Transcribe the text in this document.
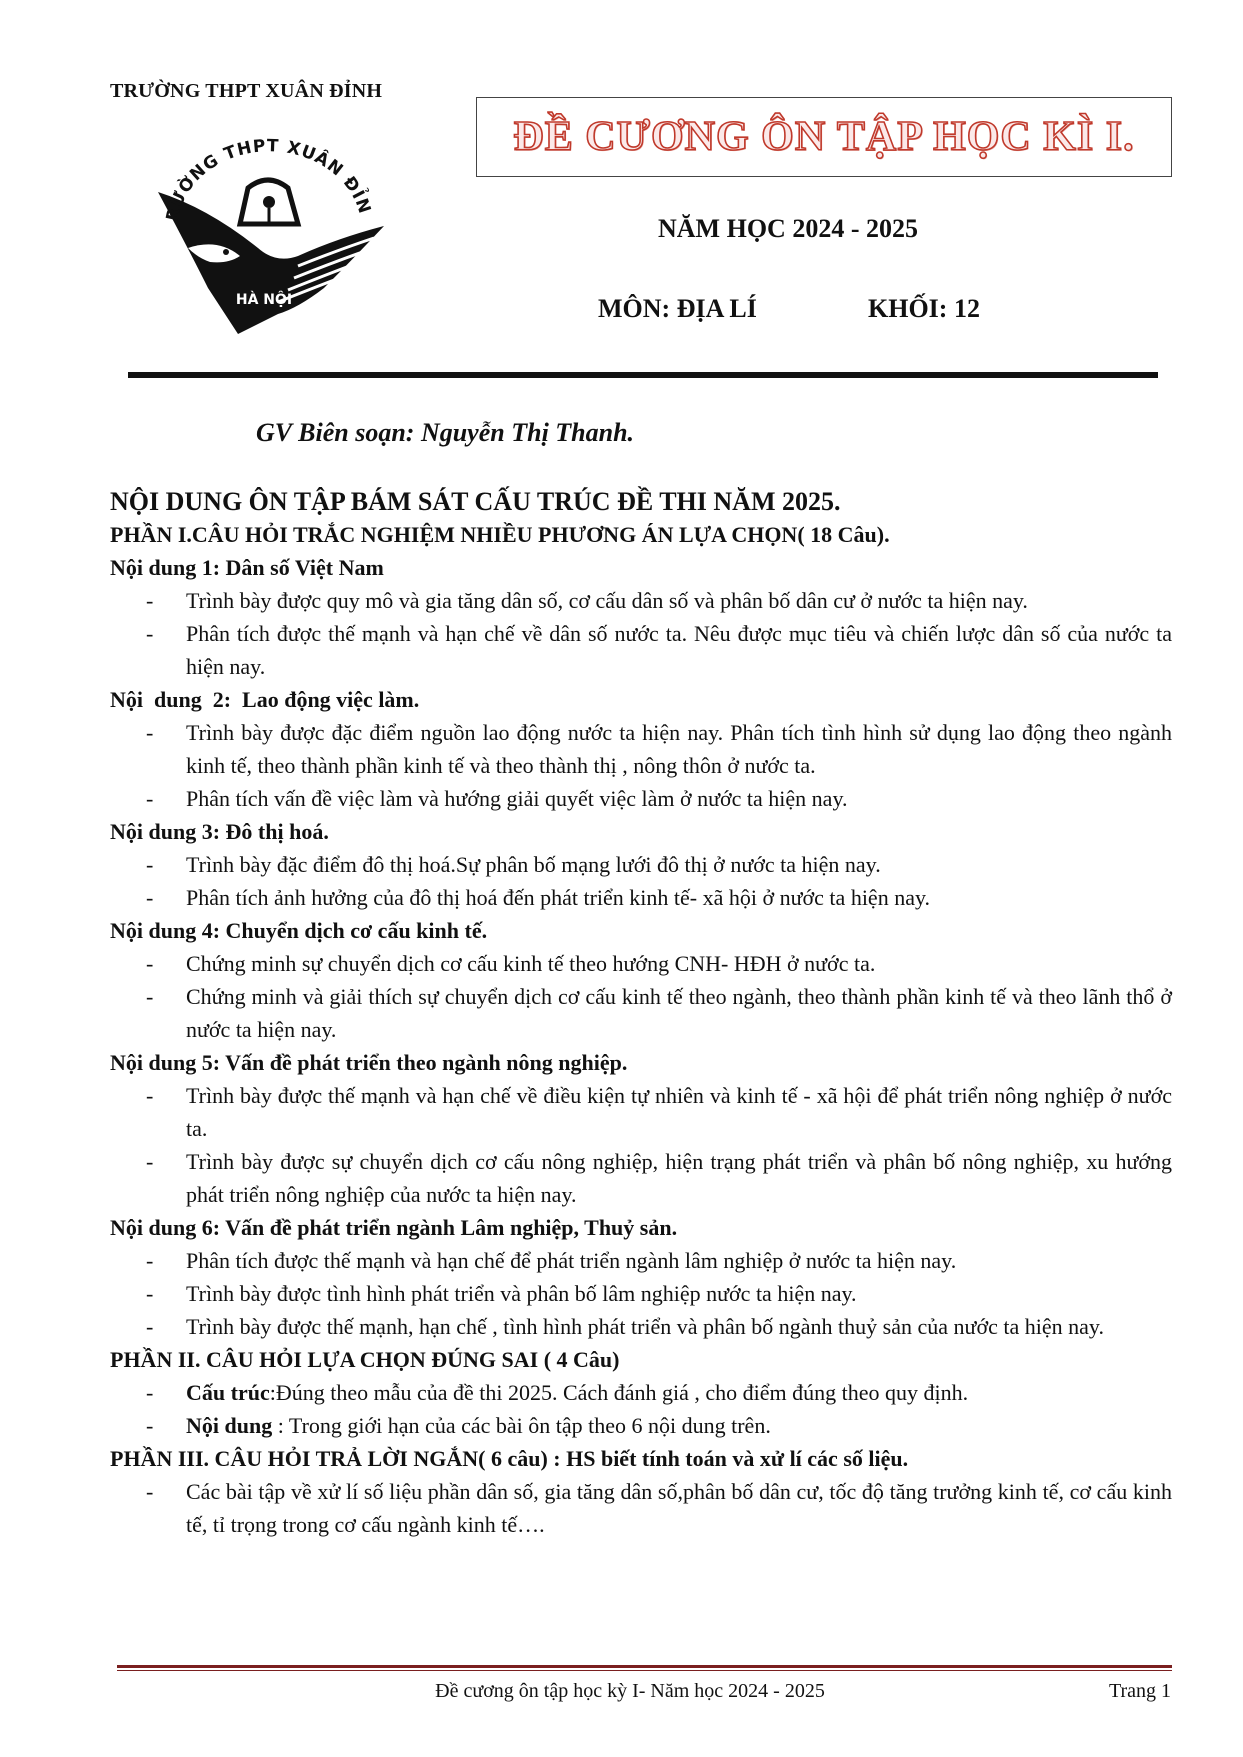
TRƯỜNG THPT XUÂN ĐỈNH
RƯỜNG THPT XUÂN ĐỈN
HÀ NỘI
ĐỀ CƯƠNG ÔN TẬP HỌC KÌ I.
NĂM HỌC 2024 - 2025
MÔN: ĐỊA LÍ	KHỐI: 12
GV Biên soạn: Nguyễn Thị Thanh.
NỘI DUNG ÔN TẬP BÁM SÁT CẤU TRÚC ĐỀ THI NĂM 2025.
PHẦN I.CÂU HỎI TRẮC NGHIỆM NHIỀU PHƯƠNG ÁN LỰA CHỌN( 18 Câu).
Nội dung 1: Dân số Việt Nam
- Trình bày được quy mô và gia tăng dân số, cơ cấu dân số và phân bố dân cư ở nước ta hiện nay.
- Phân tích được thế mạnh và hạn chế về dân số nước ta. Nêu được mục tiêu và chiến lược dân số của nước ta hiện nay.
Nội  dung  2:  Lao động việc làm.
- Trình bày được đặc điểm nguồn lao động nước ta hiện nay. Phân tích tình hình sử dụng lao động theo ngành kinh tế, theo thành phần kinh tế và theo thành thị , nông thôn ở nước ta.
- Phân tích vấn đề việc làm và hướng giải quyết việc làm ở nước ta hiện nay.
Nội dung 3: Đô thị hoá.
- Trình bày đặc điểm đô thị hoá.Sự phân bố mạng lưới đô thị ở nước ta hiện nay.
- Phân tích ảnh hưởng của đô thị hoá đến phát triển kinh tế- xã hội ở nước ta hiện nay.
Nội dung 4: Chuyển dịch cơ cấu kinh tế.
- Chứng minh sự chuyển dịch cơ cấu kinh tế theo hướng CNH- HĐH ở nước ta.
- Chứng minh và giải thích sự chuyển dịch cơ cấu kinh tế theo ngành, theo thành phần kinh tế và theo lãnh thổ ở nước ta hiện nay.
Nội dung 5: Vấn đề phát triển theo ngành nông nghiệp.
- Trình bày được thế mạnh và hạn chế về điều kiện tự nhiên và kinh tế - xã hội để phát triển nông nghiệp ở nước ta.
- Trình bày được sự chuyển dịch cơ cấu nông nghiệp, hiện trạng phát triển và phân bố nông nghiệp, xu hướng phát triển nông nghiệp của nước ta hiện nay.
Nội dung 6: Vấn đề phát triển ngành Lâm nghiệp, Thuỷ sản.
- Phân tích được thế mạnh và hạn chế để phát triển ngành lâm nghiệp ở nước ta hiện nay.
- Trình bày được tình hình phát triển và phân bố lâm nghiệp nước ta hiện nay.
- Trình bày được thế mạnh, hạn chế , tình hình phát triển và phân bố ngành thuỷ sản của nước ta hiện nay.
PHẦN II. CÂU HỎI LỰA CHỌN ĐÚNG SAI ( 4 Câu)
- Cấu trúc:Đúng theo mẫu của đề thi 2025. Cách đánh giá , cho điểm đúng theo quy định.
- Nội dung : Trong giới hạn của các bài ôn tập theo 6 nội dung trên.
PHẦN III. CÂU HỎI TRẢ LỜI NGẮN( 6 câu) : HS biết tính toán và xử lí các số liệu.
- Các bài tập về xử lí số liệu phần dân số, gia tăng dân số,phân bố dân cư, tốc độ tăng trưởng kinh tế, cơ cấu kinh tế, tỉ trọng trong cơ cấu ngành kinh tế….
Đề cương ôn tập học kỳ I- Năm học 2024 - 2025	Trang 1
